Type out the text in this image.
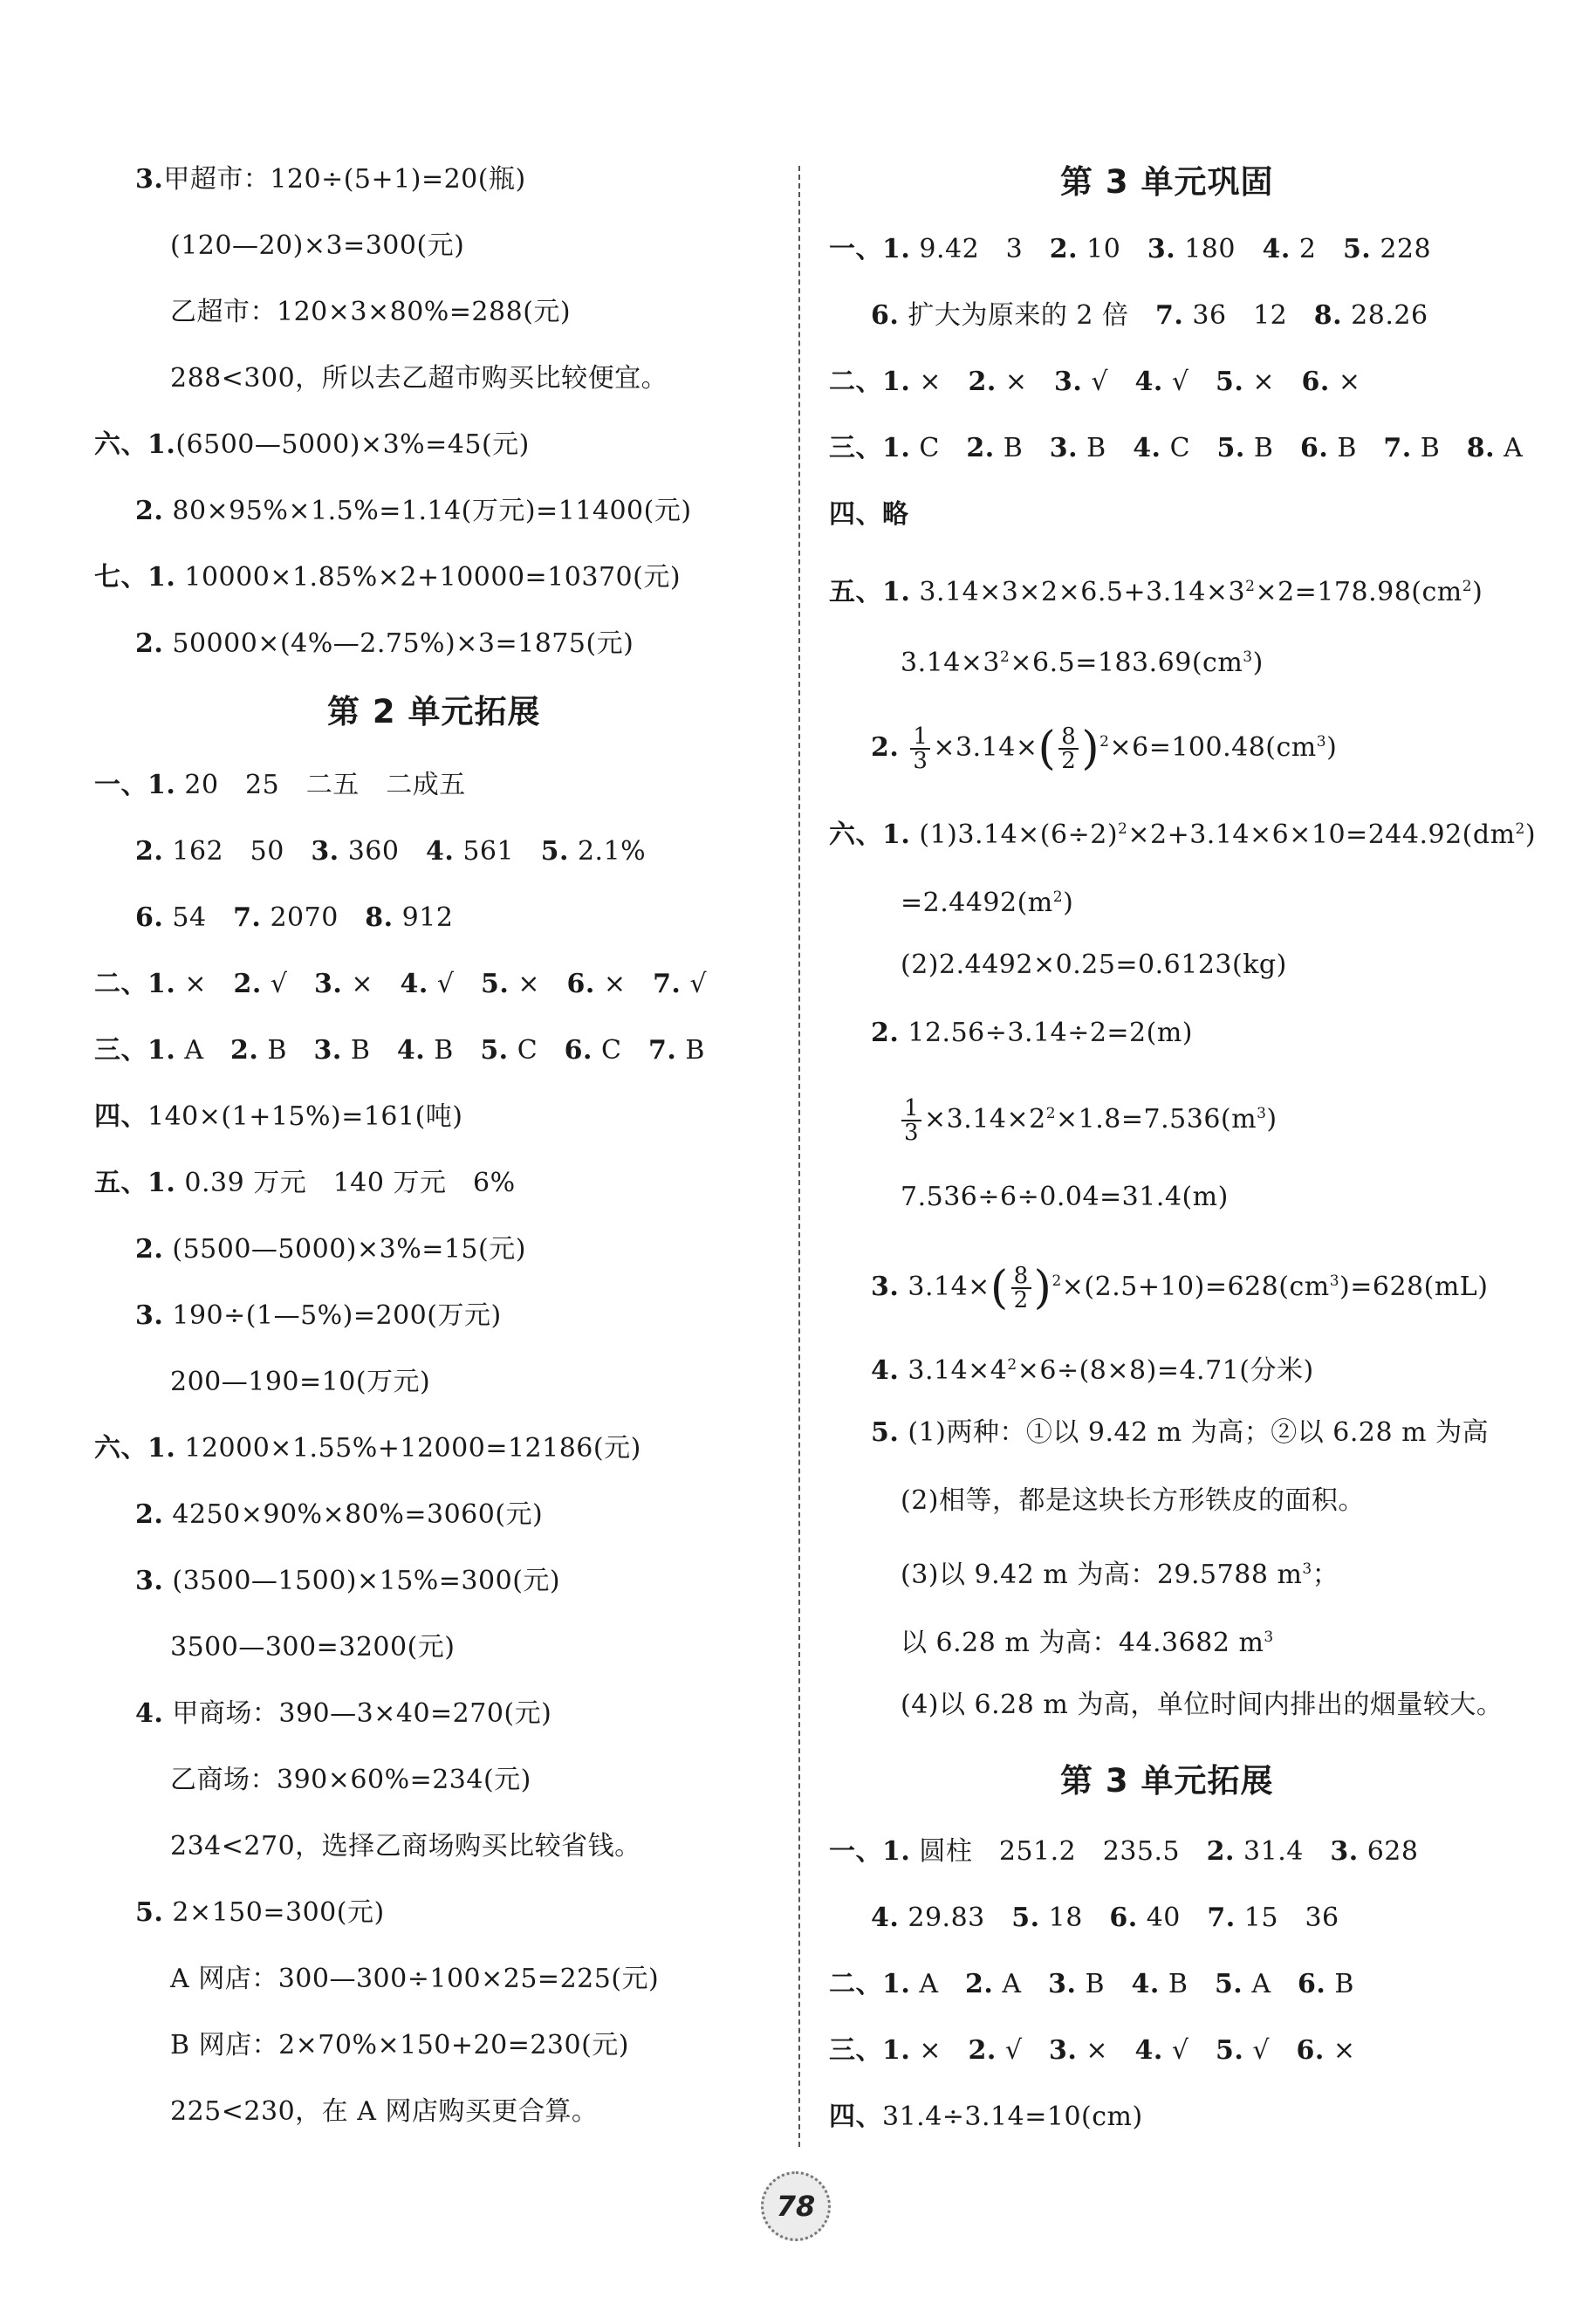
3.甲超市：120÷(5+1)=20(瓶)
(120—20)×3=300(元)
乙超市：120×3×80%=288(元)
288<300，所以去乙超市购买比较便宜。
六、1.(6500—5000)×3%=45(元)
2. 80×95%×1.5%=1.14(万元)=11400(元)
七、1. 10000×1.85%×2+10000=10370(元)
2. 50000×(4%—2.75%)×3=1875(元)
第 2 单元拓展
一、1. 20　25　二五　二成五
2. 162　50　 3. 360　 4. 561　 5. 2.1%
6. 54　 7. 2070　 8. 912
二、1. ×　 2. √　 3. ×　 4. √　 5. ×　 6. ×　 7. √
三、1. A　 2. B　 3. B　 4. B　 5. C　 6. C　 7. B
四、140×(1+15%)=161(吨)
五、1. 0.39 万元　140 万元　6%
2. (5500—5000)×3%=15(元)
3. 190÷(1—5%)=200(万元)
200—190=10(万元)
六、1. 12000×1.55%+12000=12186(元)
2. 4250×90%×80%=3060(元)
3. (3500—1500)×15%=300(元)
3500—300=3200(元)
4. 甲商场：390—3×40=270(元)
乙商场：390×60%=234(元)
234<270，选择乙商场购买比较省钱。
5. 2×150=300(元)
A 网店：300—300÷100×25=225(元)
B 网店：2×70%×150+20=230(元)
225<230，在 A 网店购买更合算。
第 3 单元巩固
一、1. 9.42　3　 2. 10　 3. 180　 4. 2　 5. 228
6. 扩大为原来的 2 倍　 7. 36　12　 8. 28.26
二、1. ×　 2. ×　 3. √　 4. √　 5. ×　 6. ×
三、1. C　 2. B　 3. B　 4. C　 5. B　 6. B　 7. B　 8. A
四、略
五、1. $3.14\times 3\times 2\times 6.5+3.14\times 3^2\times 2=178.98(cm^2)$
$3.14\times 3^2\times 6.5=183.69(cm^3)$
2. $\frac{1}{3} \times 3.14\times( \frac{8}{2} )^2\times 6=100.48(cm^3)$
六、1. $(1)3.14\times(6\div 2)^2\times 2+3.14\times 6\times 10=244.92(dm^2)$
$=2.4492(m^2)$
(2)2.4492×0.25=0.6123(kg)
2. 12.56÷3.14÷2=2(m)
$\frac{1}{3} \times 3.14\times 2^2\times 1.8=7.536(m^3)$
7.536÷6÷0.04=31.4(m)
3. $3.14\times( \frac{8}{2} )^2\times(2.5+10)=628(cm^3)=628(mL)$
4. $3.14\times 4^2\times 6\div(8\times 8)=4.71$(分米)
5. (1)两种：①以 9.42 m 为高；②以 6.28 m 为高
(2)相等，都是这块长方形铁皮的面积。
(3)以 9.42 m 为高：29.5788 $m^3$；
以 6.28 m 为高：44.3682 $m^3$
(4)以 6.28 m 为高，单位时间内排出的烟量较大。
第 3 单元拓展
一、1. 圆柱　251.2　235.5　 2. 31.4　 3. 628
4. 29.83　 5. 18　 6. 40　 7. 15　36
二、1. A　 2. A　 3. B　 4. B　 5. A　 6. B
三、1. ×　 2. √　 3. ×　 4. √　 5. √　 6. ×
四、31.4÷3.14=10(cm)
78
